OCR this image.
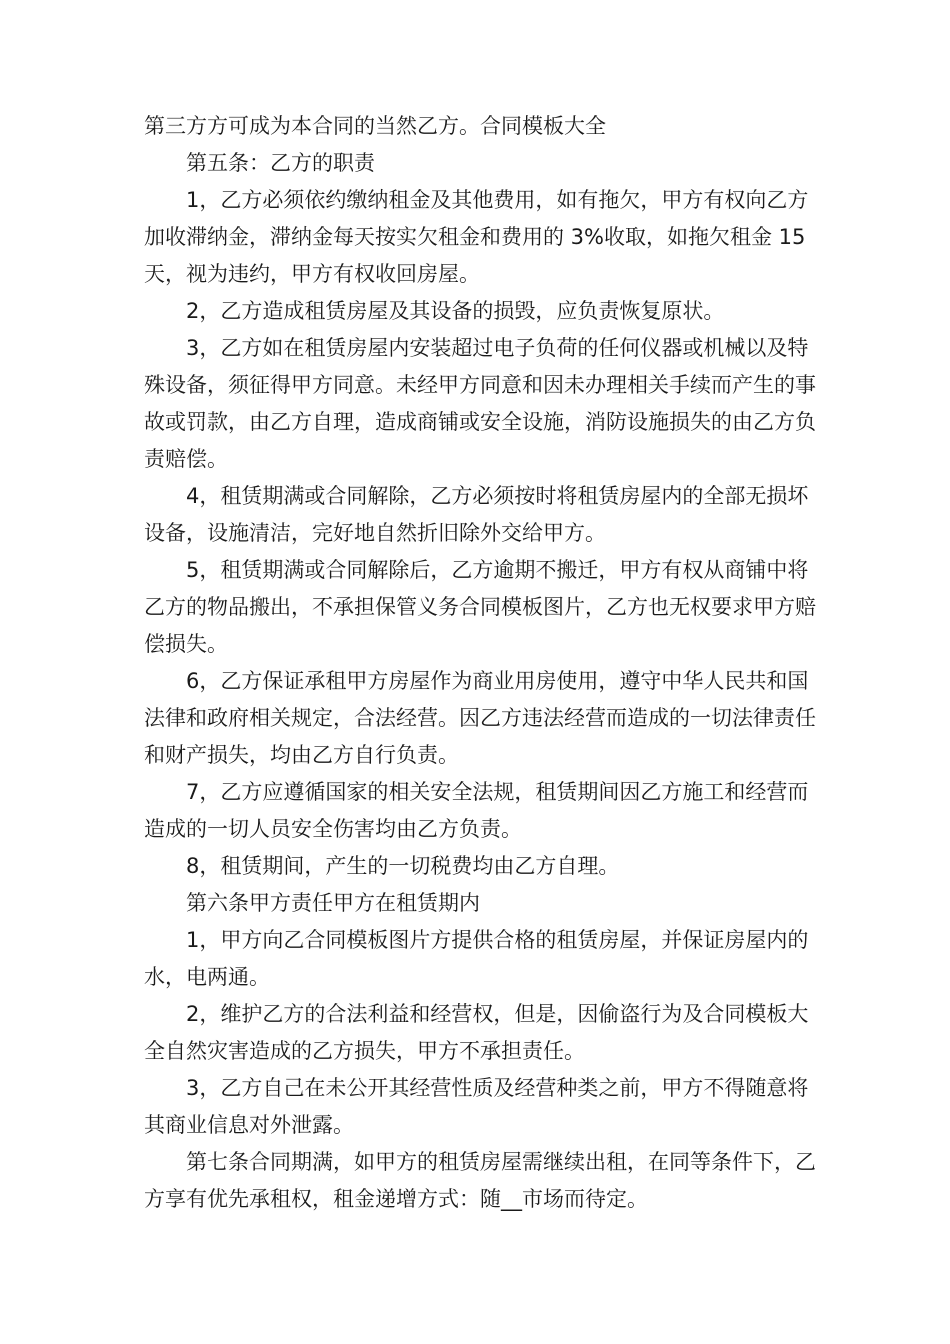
第三方方可成为本合同的当然乙方。合同模板大全

第五条：乙方的职责

1，乙方必须依约缴纳租金及其他费用，如有拖欠，甲方有权向乙方加收滞纳金，滞纳金每天按实欠租金和费用的 3%收取，如拖欠租金 15 天，视为违约，甲方有权收回房屋。

2，乙方造成租赁房屋及其设备的损毁，应负责恢复原状。

3，乙方如在租赁房屋内安装超过电子负荷的任何仪器或机械以及特殊设备，须征得甲方同意。未经甲方同意和因未办理相关手续而产生的事故或罚款，由乙方自理，造成商铺或安全设施，消防设施损失的由乙方负责赔偿。

4，租赁期满或合同解除，乙方必须按时将租赁房屋内的全部无损坏设备，设施清洁，完好地自然折旧除外交给甲方。

5，租赁期满或合同解除后，乙方逾期不搬迁，甲方有权从商铺中将乙方的物品搬出，不承担保管义务合同模板图片，乙方也无权要求甲方赔偿损失。

6，乙方保证承租甲方房屋作为商业用房使用，遵守中华人民共和国法律和政府相关规定，合法经营。因乙方违法经营而造成的一切法律责任和财产损失，均由乙方自行负责。

7，乙方应遵循国家的相关安全法规，租赁期间因乙方施工和经营而造成的一切人员安全伤害均由乙方负责。

8，租赁期间，产生的一切税费均由乙方自理。

第六条甲方责任甲方在租赁期内

1，甲方向乙合同模板图片方提供合格的租赁房屋，并保证房屋内的水，电两通。

2，维护乙方的合法利益和经营权，但是，因偷盗行为及合同模板大全自然灾害造成的乙方损失，甲方不承担责任。

3，乙方自己在未公开其经营性质及经营种类之前，甲方不得随意将其商业信息对外泄露。

第七条合同期满，如甲方的租赁房屋需继续出租，在同等条件下，乙方享有优先承租权，租金递增方式：随__市场而待定。
